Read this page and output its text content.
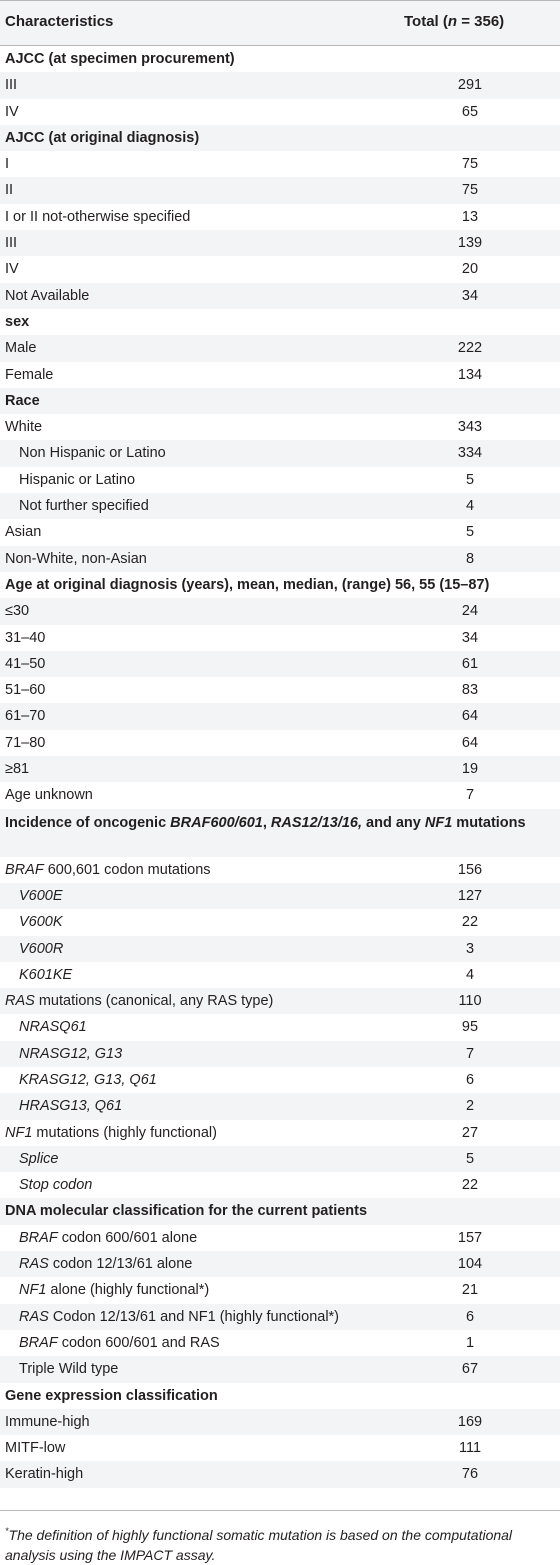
Characteristics	Total (n = 356)
AJCC (at specimen procurement)
III	291
IV	65
AJCC (at original diagnosis)
I	75
II	75
I or II not-otherwise specified	13
III	139
IV	20
Not Available	34
sex
Male	222
Female	134
Race
White	343
Non Hispanic or Latino	334
Hispanic or Latino	5
Not further specified	4
Asian	5
Non-White, non-Asian	8
Age at original diagnosis (years), mean, median, (range) 56, 55 (15–87)
≤30	24
31–40	34
41–50	61
51–60	83
61–70	64
71–80	64
≥81	19
Age unknown	7
Incidence of oncogenic BRAF600/601, RAS12/13/16, and any NF1 mutations
BRAF 600,601 codon mutations	156
V600E	127
V600K	22
V600R	3
K601KE	4
RAS mutations (canonical, any RAS type)	110
NRASQ61	95
NRASG12, G13	7
KRASG12, G13, Q61	6
HRASG13, Q61	2
NF1 mutations (highly functional)	27
Splice	5
Stop codon	22
DNA molecular classification for the current patients
BRAF codon 600/601 alone	157
RAS codon 12/13/61 alone	104
NF1 alone (highly functional*)	21
RAS Codon 12/13/61 and NF1 (highly functional*)	6
BRAF codon 600/601 and RAS	1
Triple Wild type	67
Gene expression classification
Immune-high	169
MITF-low	111
Keratin-high	76
*The definition of highly functional somatic mutation is based on the computational analysis using the IMPACT assay.
